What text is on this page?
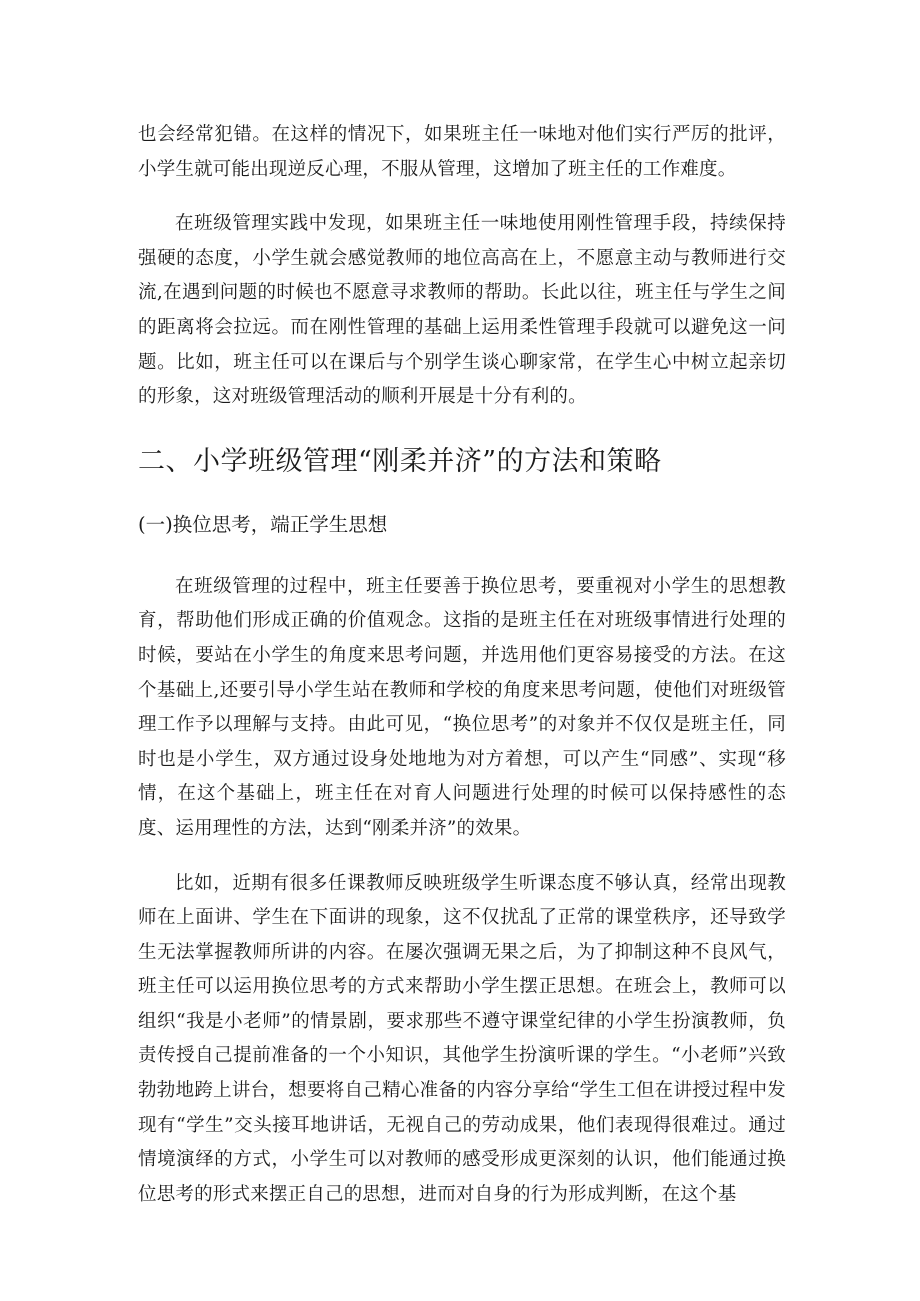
也会经常犯错。在这样的情况下，如果班主任一味地对他们实行严厉的批评，小学生就可能出现逆反心理，不服从管理，这增加了班主任的工作难度。

在班级管理实践中发现，如果班主任一味地使用刚性管理手段，持续保持强硬的态度，小学生就会感觉教师的地位高高在上，不愿意主动与教师进行交流,在遇到问题的时候也不愿意寻求教师的帮助。长此以往，班主任与学生之间的距离将会拉远。而在刚性管理的基础上运用柔性管理手段就可以避免这一问题。比如，班主任可以在课后与个别学生谈心聊家常，在学生心中树立起亲切的形象，这对班级管理活动的顺利开展是十分有利的。

二、小学班级管理“刚柔并济”的方法和策略
(一)换位思考，端正学生思想

在班级管理的过程中，班主任要善于换位思考，要重视对小学生的思想教育，帮助他们形成正确的价值观念。这指的是班主任在对班级事情进行处理的时候，要站在小学生的角度来思考问题，并选用他们更容易接受的方法。在这个基础上,还要引导小学生站在教师和学校的角度来思考问题，使他们对班级管理工作予以理解与支持。由此可见，“换位思考”的对象并不仅仅是班主任，同时也是小学生，双方通过设身处地地为对方着想，可以产生“同感”、实现“移情，在这个基础上，班主任在对育人问题进行处理的时候可以保持感性的态度、运用理性的方法，达到“刚柔并济”的效果。

比如，近期有很多任课教师反映班级学生听课态度不够认真，经常出现教师在上面讲、学生在下面讲的现象，这不仅扰乱了正常的课堂秩序，还导致学生无法掌握教师所讲的内容。在屡次强调无果之后，为了抑制这种不良风气，班主任可以运用换位思考的方式来帮助小学生摆正思想。在班会上，教师可以组织“我是小老师”的情景剧，要求那些不遵守课堂纪律的小学生扮演教师，负责传授自己提前准备的一个小知识，其他学生扮演听课的学生。“小老师”兴致勃勃地跨上讲台，想要将自己精心准备的内容分享给“学生工但在讲授过程中发现有“学生”交头接耳地讲话，无视自己的劳动成果，他们表现得很难过。通过情境演绎的方式，小学生可以对教师的感受形成更深刻的认识，他们能通过换位思考的形式来摆正自己的思想，进而对自身的行为形成判断，在这个基
